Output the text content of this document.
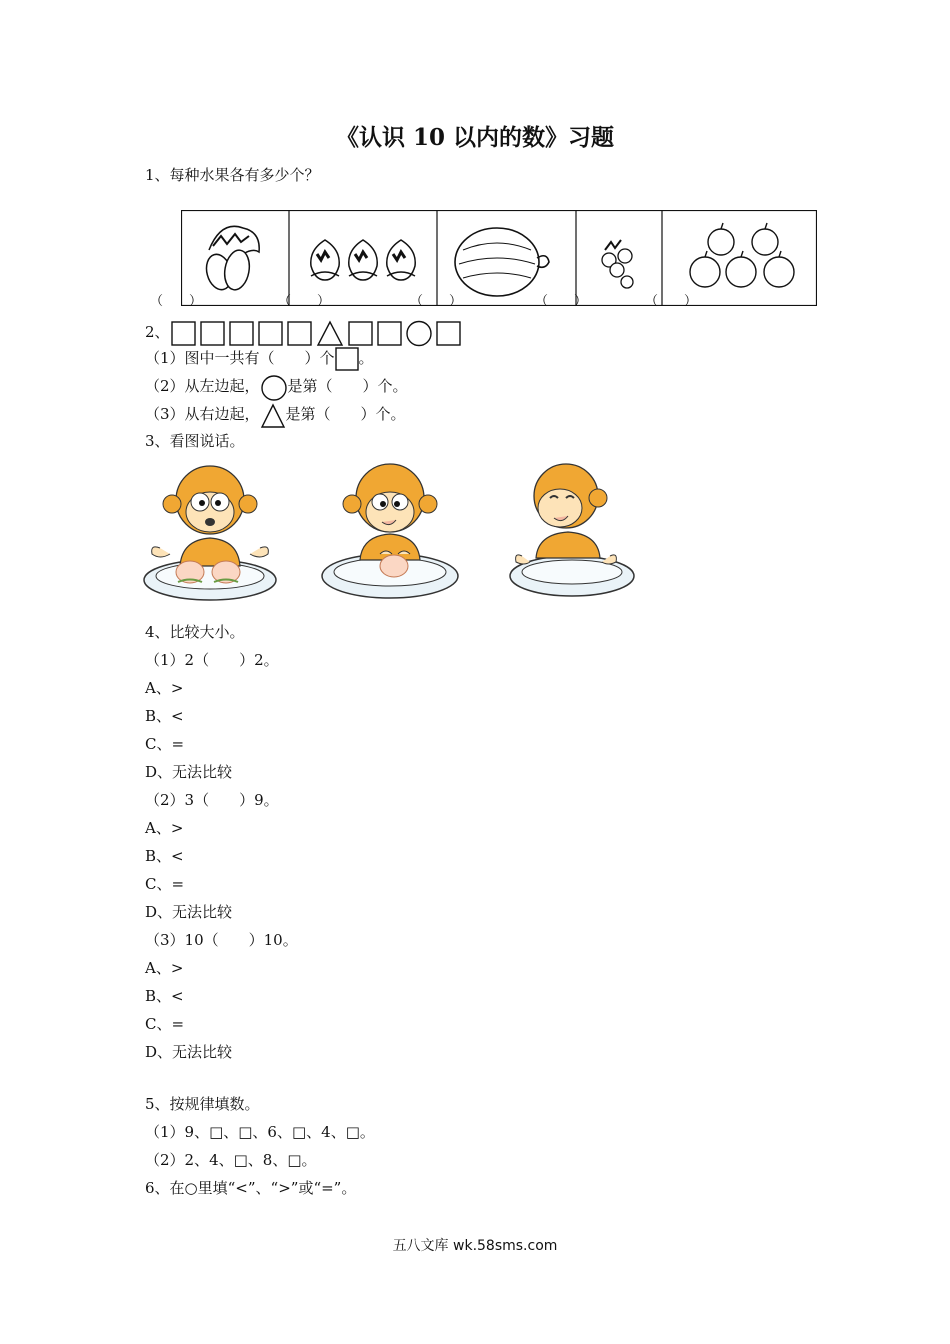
《认识 10 以内的数》习题
1、每种水果各有多少个？
（　　）	（　　）	（　　）	（　　）	（　　）
2、
（1）图中一共有（　　）个 。
（2）从左边起， 是第（　　）个。
（3）从右边起， 是第（　　）个。
3、看图说话。
4、比较大小。
（1）2（　　）2。
A、>
B、<
C、=
D、无法比较
（2）3（　　）9。
A、>
B、<
C、=
D、无法比较
（3）10（　　）10。
A、>
B、<
C、=
D、无法比较
5、按规律填数。
（1）9、□、□、6、□、4、□。
（2）2、4、□、8、□。
6、在○里填“<”、“>”或“=”。
五八文库 wk.58sms.com
